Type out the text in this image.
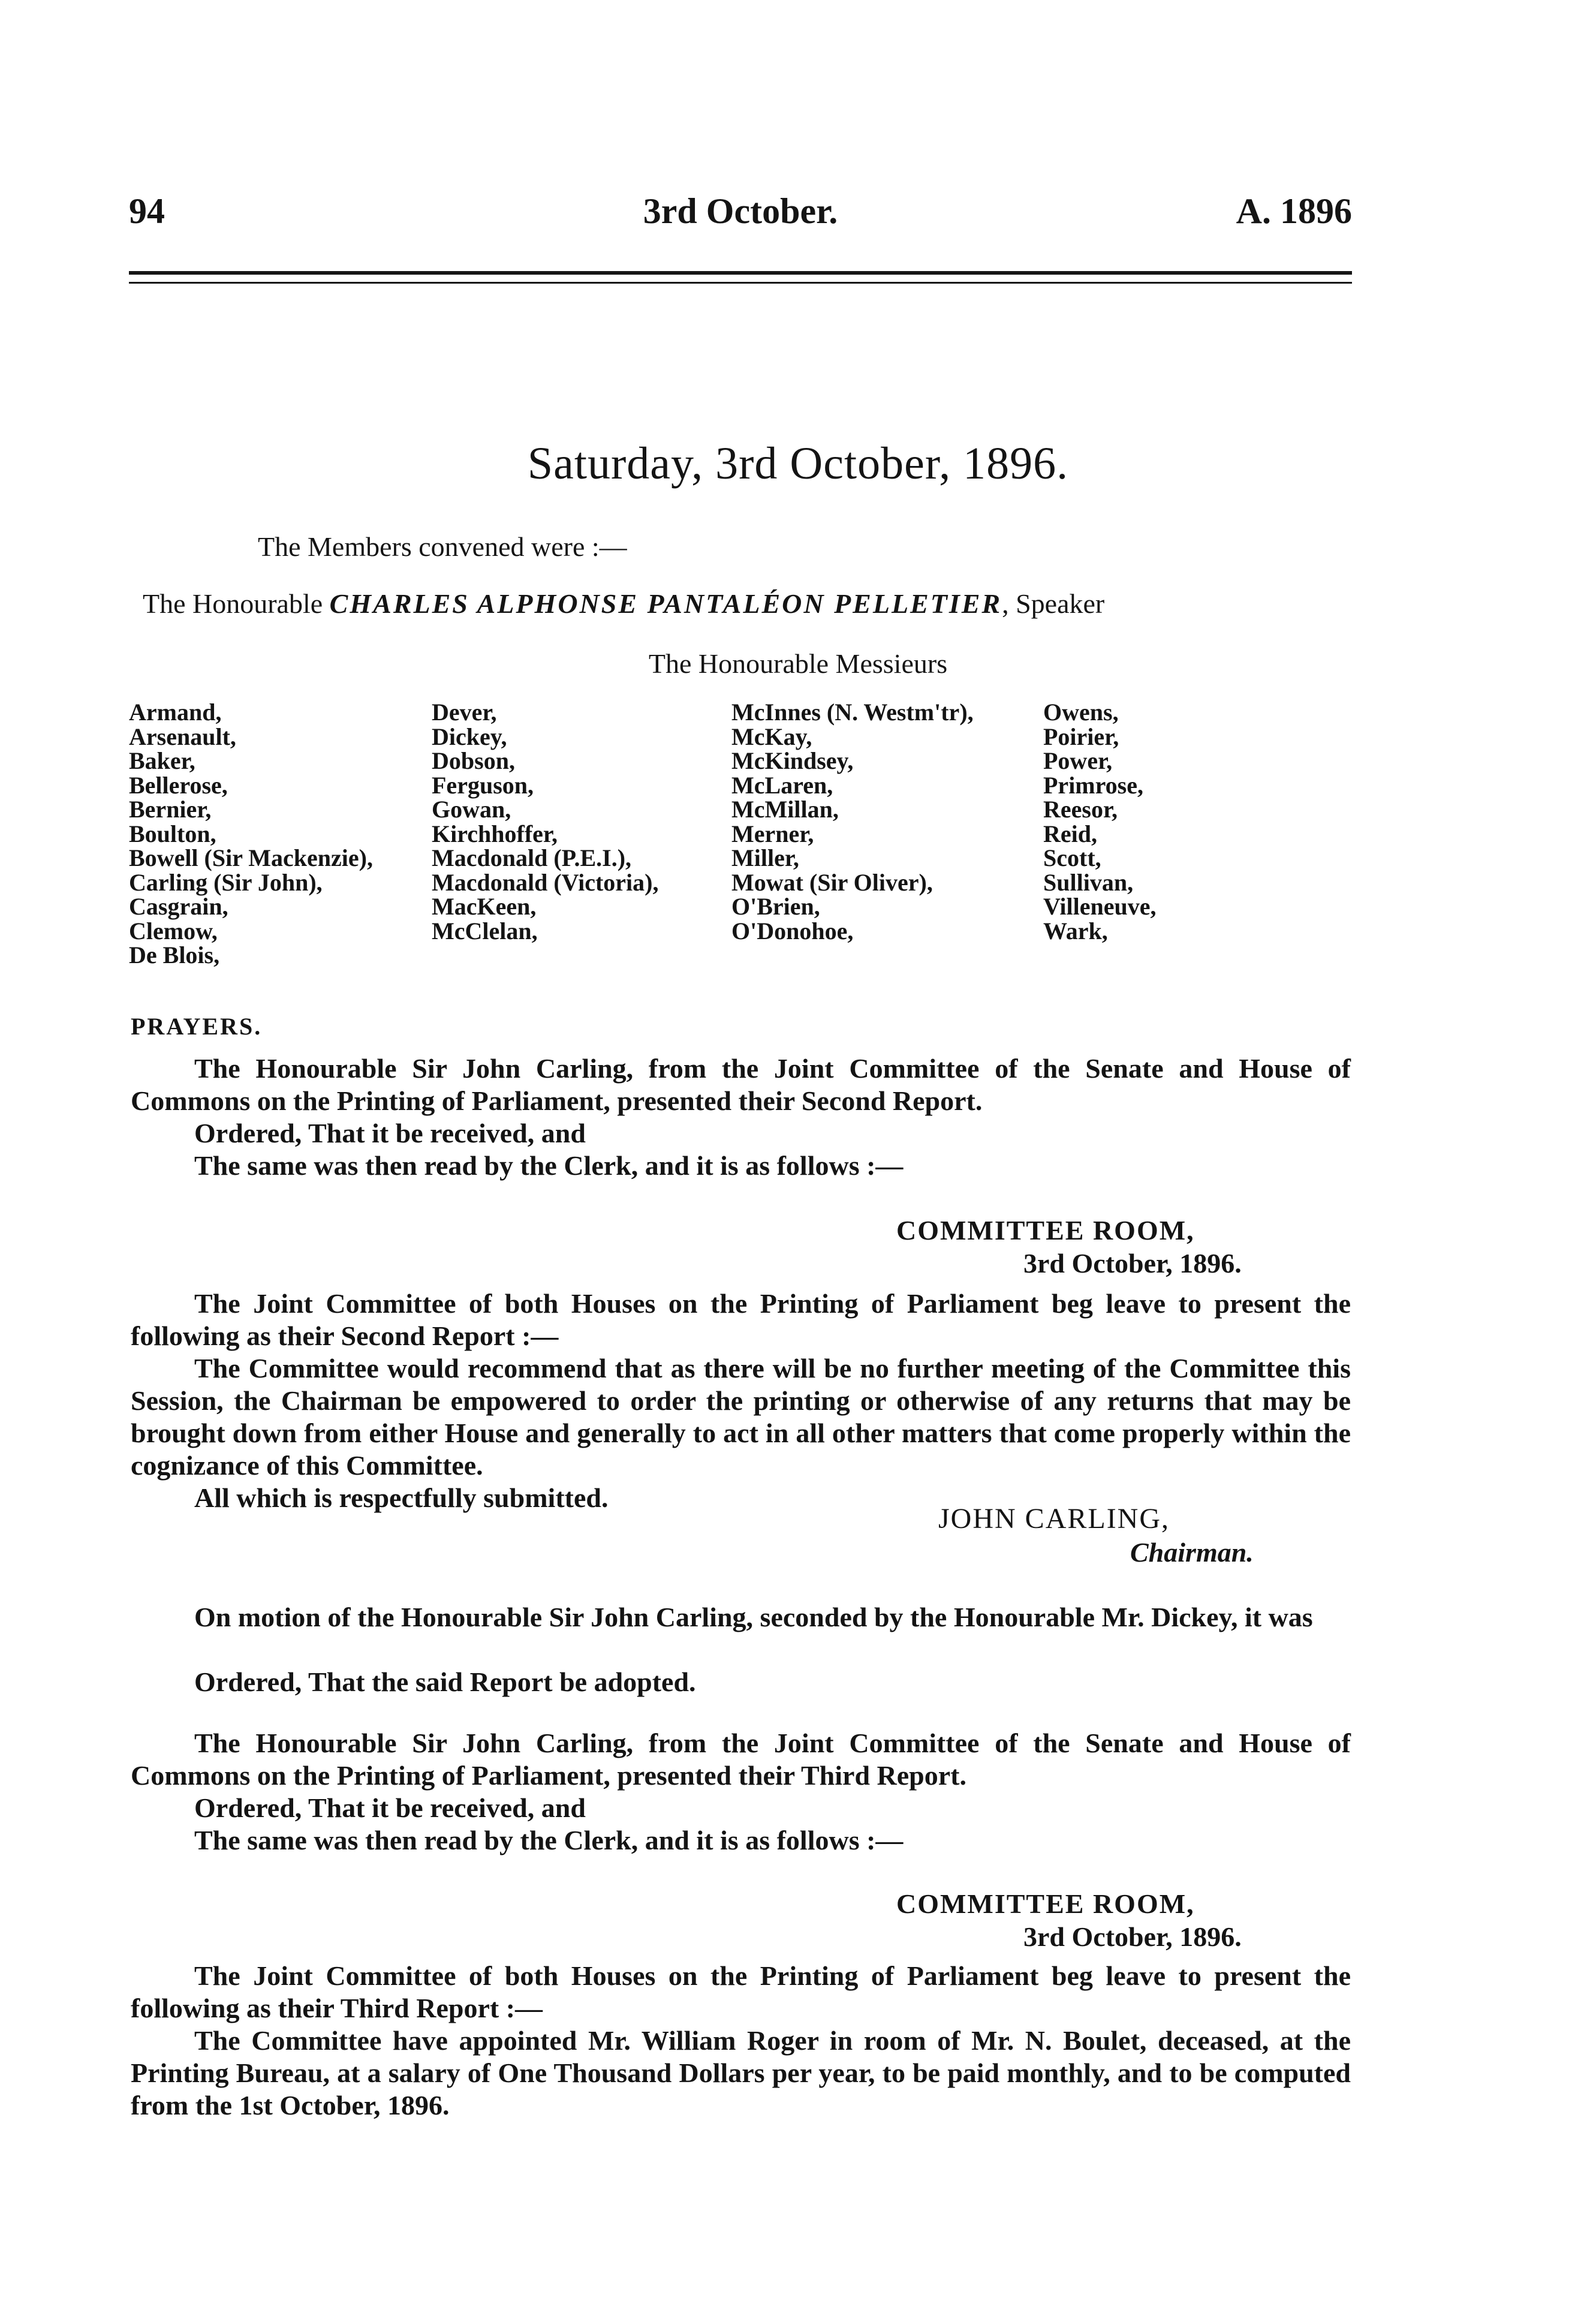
94	3rd October.	A. 1896
Saturday, 3rd October, 1896.
The Members convened were :—
The Honourable CHARLES ALPHONSE PANTALÉON PELLETIER, Speaker
The Honourable Messieurs
Armand,
Arsenault,
Baker,
Bellerose,
Bernier,
Boulton,
Bowell (Sir Mackenzie),
Carling (Sir John),
Casgrain,
Clemow,
De Blois,
Dever,
Dickey,
Dobson,
Ferguson,
Gowan,
Kirchhoffer,
Macdonald (P.E.I.),
Macdonald (Victoria),
MacKeen,
McClelan,
McInnes (N. Westm'tr),
McKay,
McKindsey,
McLaren,
McMillan,
Merner,
Miller,
Mowat (Sir Oliver),
O'Brien,
O'Donohoe,
Owens,
Poirier,
Power,
Primrose,
Reesor,
Reid,
Scott,
Sullivan,
Villeneuve,
Wark,
PRAYERS.
The Honourable Sir John Carling, from the Joint Committee of the Senate and House of Commons on the Printing of Parliament, presented their Second Report.
Ordered, That it be received, and
The same was then read by the Clerk, and it is as follows :—
COMMITTEE ROOM,
3rd October, 1896.
The Joint Committee of both Houses on the Printing of Parliament beg leave to present the following as their Second Report :—
The Committee would recommend that as there will be no further meeting of the Committee this Session, the Chairman be empowered to order the printing or otherwise of any returns that may be brought down from either House and generally to act in all other matters that come properly within the cognizance of this Committee.
All which is respectfully submitted.
JOHN CARLING,
Chairman.
On motion of the Honourable Sir John Carling, seconded by the Honourable Mr. Dickey, it was
Ordered, That the said Report be adopted.
The Honourable Sir John Carling, from the Joint Committee of the Senate and House of Commons on the Printing of Parliament, presented their Third Report.
Ordered, That it be received, and
The same was then read by the Clerk, and it is as follows :—
COMMITTEE ROOM,
3rd October, 1896.
The Joint Committee of both Houses on the Printing of Parliament beg leave to present the following as their Third Report :—
The Committee have appointed Mr. William Roger in room of Mr. N. Boulet, deceased, at the Printing Bureau, at a salary of One Thousand Dollars per year, to be paid monthly, and to be computed from the 1st October, 1896.
